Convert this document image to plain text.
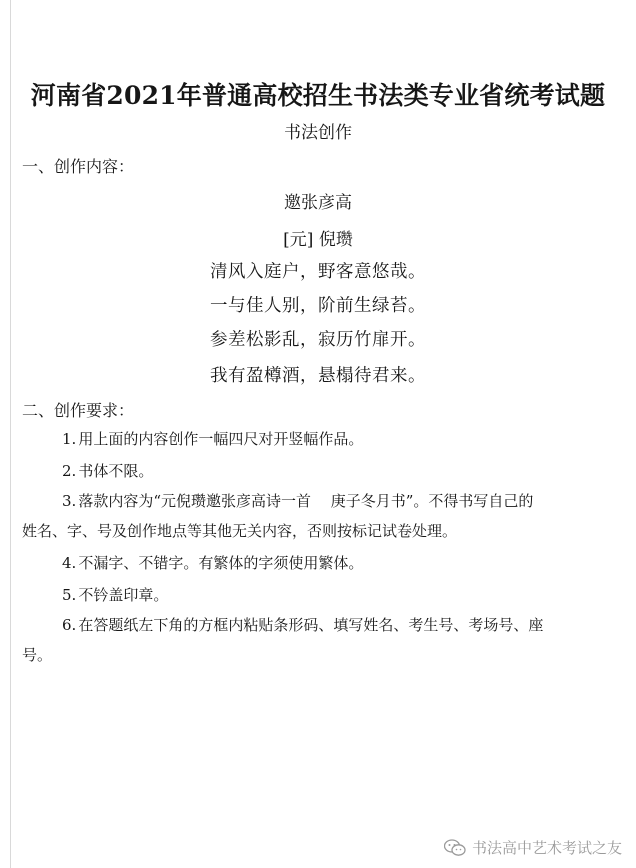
河南省2021年普通高校招生书法类专业省统考试题
书法创作
一、创作内容：
邀张彦高
[元] 倪瓒
清风入庭户，野客意悠哉。
一与佳人别，阶前生绿苔。
参差松影乱，寂历竹扉开。
我有盈樽酒，悬榻待君来。
二、创作要求：
1. 用上面的内容创作一幅四尺对开竖幅作品。
2. 书体不限。
3. 落款内容为“元倪瓒邀张彦高诗一首　 庚子冬月书”。不得书写自己的
姓名、字、号及创作地点等其他无关内容，否则按标记试卷处理。
4. 不漏字、不错字。有繁体的字须使用繁体。
5. 不钤盖印章。
6. 在答题纸左下角的方框内粘贴条形码、填写姓名、考生号、考场号、座
号。
书法高中艺术考试之友
